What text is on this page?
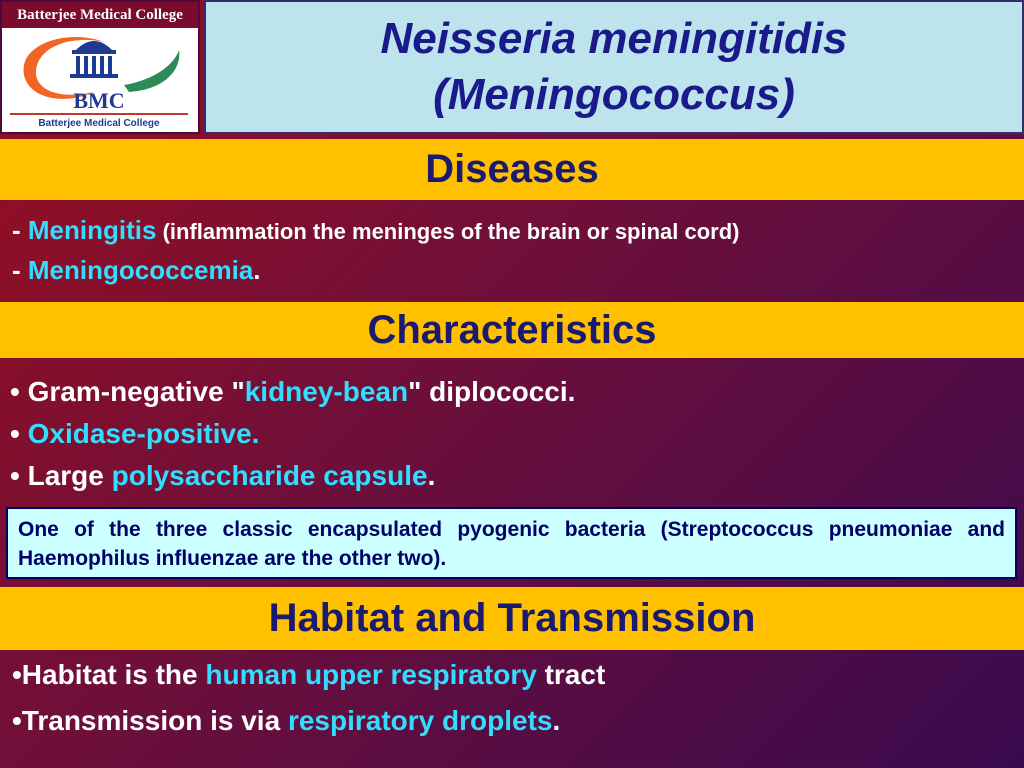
Batterjee Medical College
BMC
Batterjee Medical College
Neisseria meningitidis
(Meningococcus)
Diseases
- Meningitis (inflammation the meninges of the brain or spinal cord)
- Meningococcemia.
Characteristics
• Gram-negative "kidney-bean" diplococci.
• Oxidase-positive.
• Large polysaccharide capsule.
One of the three classic encapsulated pyogenic bacteria (Streptococcus pneumoniae and Haemophilus influenzae are the other two).
Habitat and Transmission
•Habitat is the human upper respiratory tract
•Transmission is via respiratory droplets.
